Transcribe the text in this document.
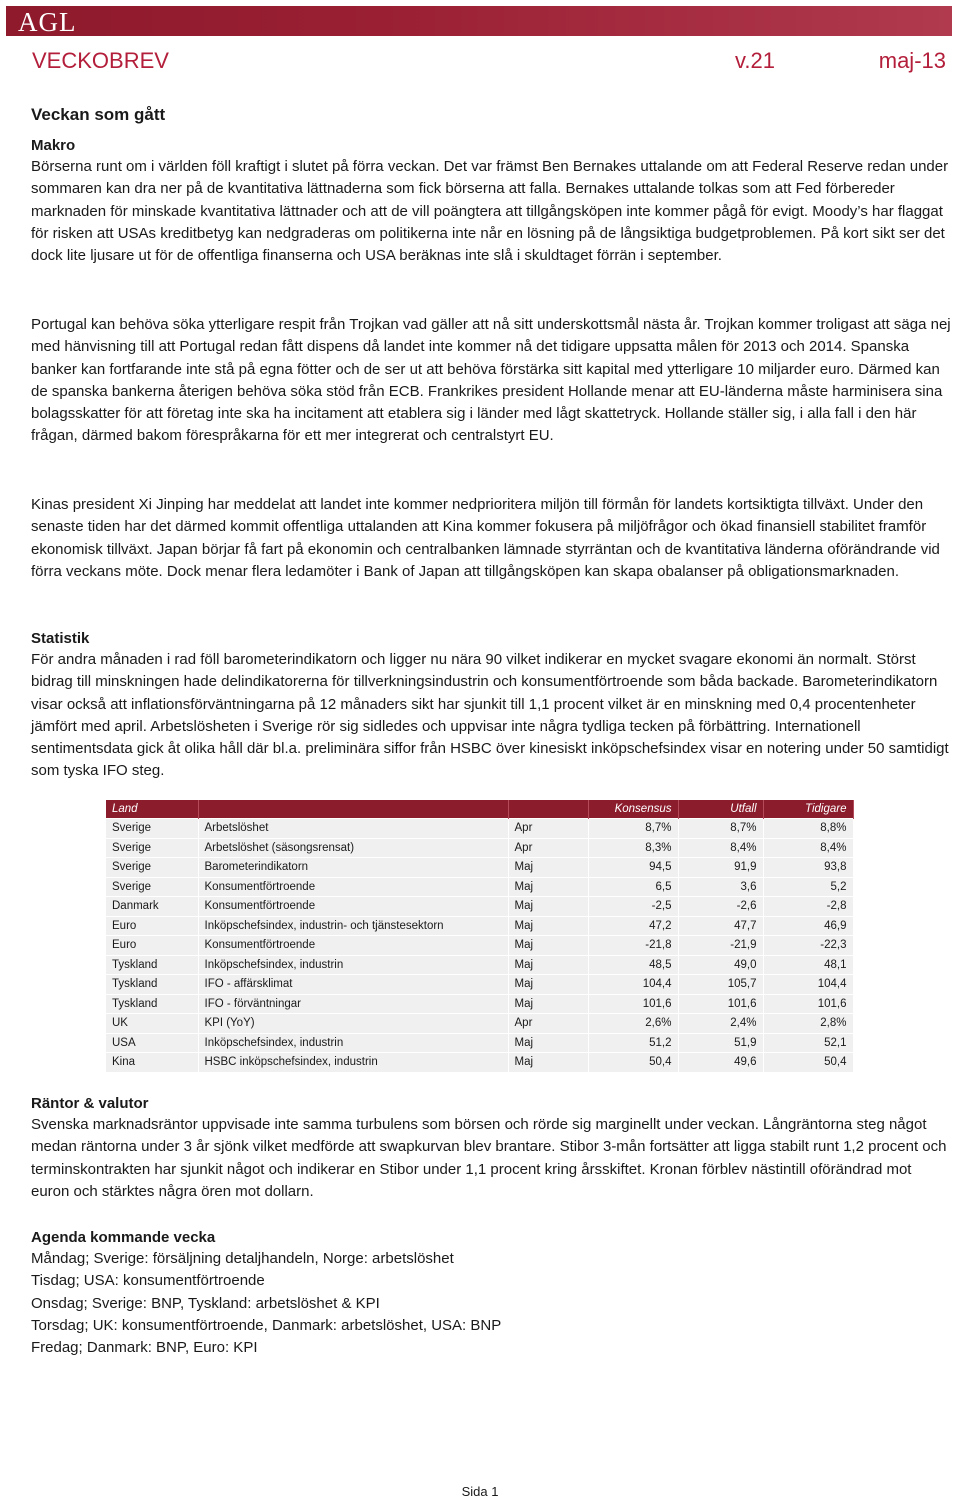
AGL
VECKOBREV	v.21	maj-13
Veckan som gått
Makro

Börserna runt om i världen föll kraftigt i slutet på förra veckan. Det var främst Ben Bernakes uttalande om att Federal Reserve redan under sommaren kan dra ner på de kvantitativa lättnaderna som fick börserna att falla. Bernakes uttalande tolkas som att Fed förbereder marknaden för minskade kvantitativa lättnader och att de vill poängtera att tillgångsköpen inte kommer pågå för evigt. Moody’s har flaggat för risken att USAs kreditbetyg kan nedgraderas om politikerna inte når en lösning på de långsiktiga budgetproblemen. På kort sikt ser det dock lite ljusare ut för de offentliga finanserna och USA beräknas inte slå i skuldtaget förrän i september.

Portugal kan behöva söka ytterligare respit från Trojkan vad gäller att nå sitt underskottsmål nästa år. Trojkan kommer troligast att säga nej med hänvisning till att Portugal redan fått dispens då landet inte kommer nå det tidigare uppsatta målen för 2013 och 2014. Spanska banker kan fortfarande inte stå på egna fötter och de ser ut att behöva förstärka sitt kapital med ytterligare 10 miljarder euro. Därmed kan de spanska bankerna återigen behöva söka stöd från ECB. Frankrikes president Hollande menar att EU-länderna måste harminisera sina bolagsskatter för att företag inte ska ha incitament att etablera sig i länder med lågt skattetryck. Hollande ställer sig, i alla fall i den här frågan, därmed bakom förespråkarna för ett mer integrerat och centralstyrt EU.

Kinas president Xi Jinping har meddelat att landet inte kommer nedprioritera miljön till förmån för landets kortsiktigta tillväxt. Under den senaste tiden har det därmed kommit offentliga uttalanden att Kina kommer fokusera på miljöfrågor och ökad finansiell stabilitet framför ekonomisk tillväxt. Japan börjar få fart på ekonomin och centralbanken lämnade styrräntan och de kvantitativa länderna oförändrande vid förra veckans möte. Dock menar flera ledamöter i Bank of Japan att tillgångsköpen kan skapa obalanser på obligationsmarknaden.

Statistik

För andra månaden i rad föll barometerindikatorn och ligger nu nära 90 vilket indikerar en mycket svagare ekonomi än normalt. Störst bidrag till minskningen hade delindikatorerna för tillverkningsindustrin och konsumentförtroende som båda backade. Barometerindikatorn visar också att inflationsförväntningarna på 12 månaders sikt har sjunkit till 1,1 procent vilket är en minskning med 0,4 procentenheter jämfört med april. Arbetslösheten i Sverige rör sig sidledes och uppvisar inte några tydliga tecken på förbättring. Internationell sentimentsdata gick åt olika håll där bl.a. preliminära siffor från HSBC över kinesiskt inköpschefsindex visar en notering under 50 samtidigt som tyska IFO steg.

Land			Konsensus	Utfall	Tidigare
Sverige	Arbetslöshet	Apr	8,7%	8,7%	8,8%
Sverige	Arbetslöshet (säsongsrensat)	Apr	8,3%	8,4%	8,4%
Sverige	Barometerindikatorn	Maj	94,5	91,9	93,8
Sverige	Konsumentförtroende	Maj	6,5	3,6	5,2
Danmark	Konsumentförtroende	Maj	-2,5	-2,6	-2,8
Euro	Inköpschefsindex, industrin- och tjänstesektorn	Maj	47,2	47,7	46,9
Euro	Konsumentförtroende	Maj	-21,8	-21,9	-22,3
Tyskland	Inköpschefsindex, industrin	Maj	48,5	49,0	48,1
Tyskland	IFO - affärsklimat	Maj	104,4	105,7	104,4
Tyskland	IFO - förväntningar	Maj	101,6	101,6	101,6
UK	KPI (YoY)	Apr	2,6%	2,4%	2,8%
USA	Inköpschefsindex, industrin	Maj	51,2	51,9	52,1
Kina	HSBC inköpschefsindex, industrin	Maj	50,4	49,6	50,4
Räntor & valutor

Svenska marknadsräntor uppvisade inte samma turbulens som börsen och rörde sig marginellt under veckan. Långräntorna steg något medan räntorna under 3 år sjönk vilket medförde att swapkurvan blev brantare. Stibor 3-mån fortsätter att ligga stabilt runt 1,2 procent och terminskontrakten har sjunkit något och indikerar en Stibor under 1,1 procent kring årsskiftet. Kronan förblev nästintill oförändrad mot euron och stärktes några ören mot dollarn.

Agenda kommande vecka

Måndag; Sverige: försäljning detaljhandeln, Norge: arbetslöshet

Tisdag; USA: konsumentförtroende

Onsdag; Sverige: BNP, Tyskland: arbetslöshet & KPI

Torsdag; UK: konsumentförtroende, Danmark: arbetslöshet, USA: BNP

Fredag; Danmark: BNP, Euro: KPI

Sida 1
